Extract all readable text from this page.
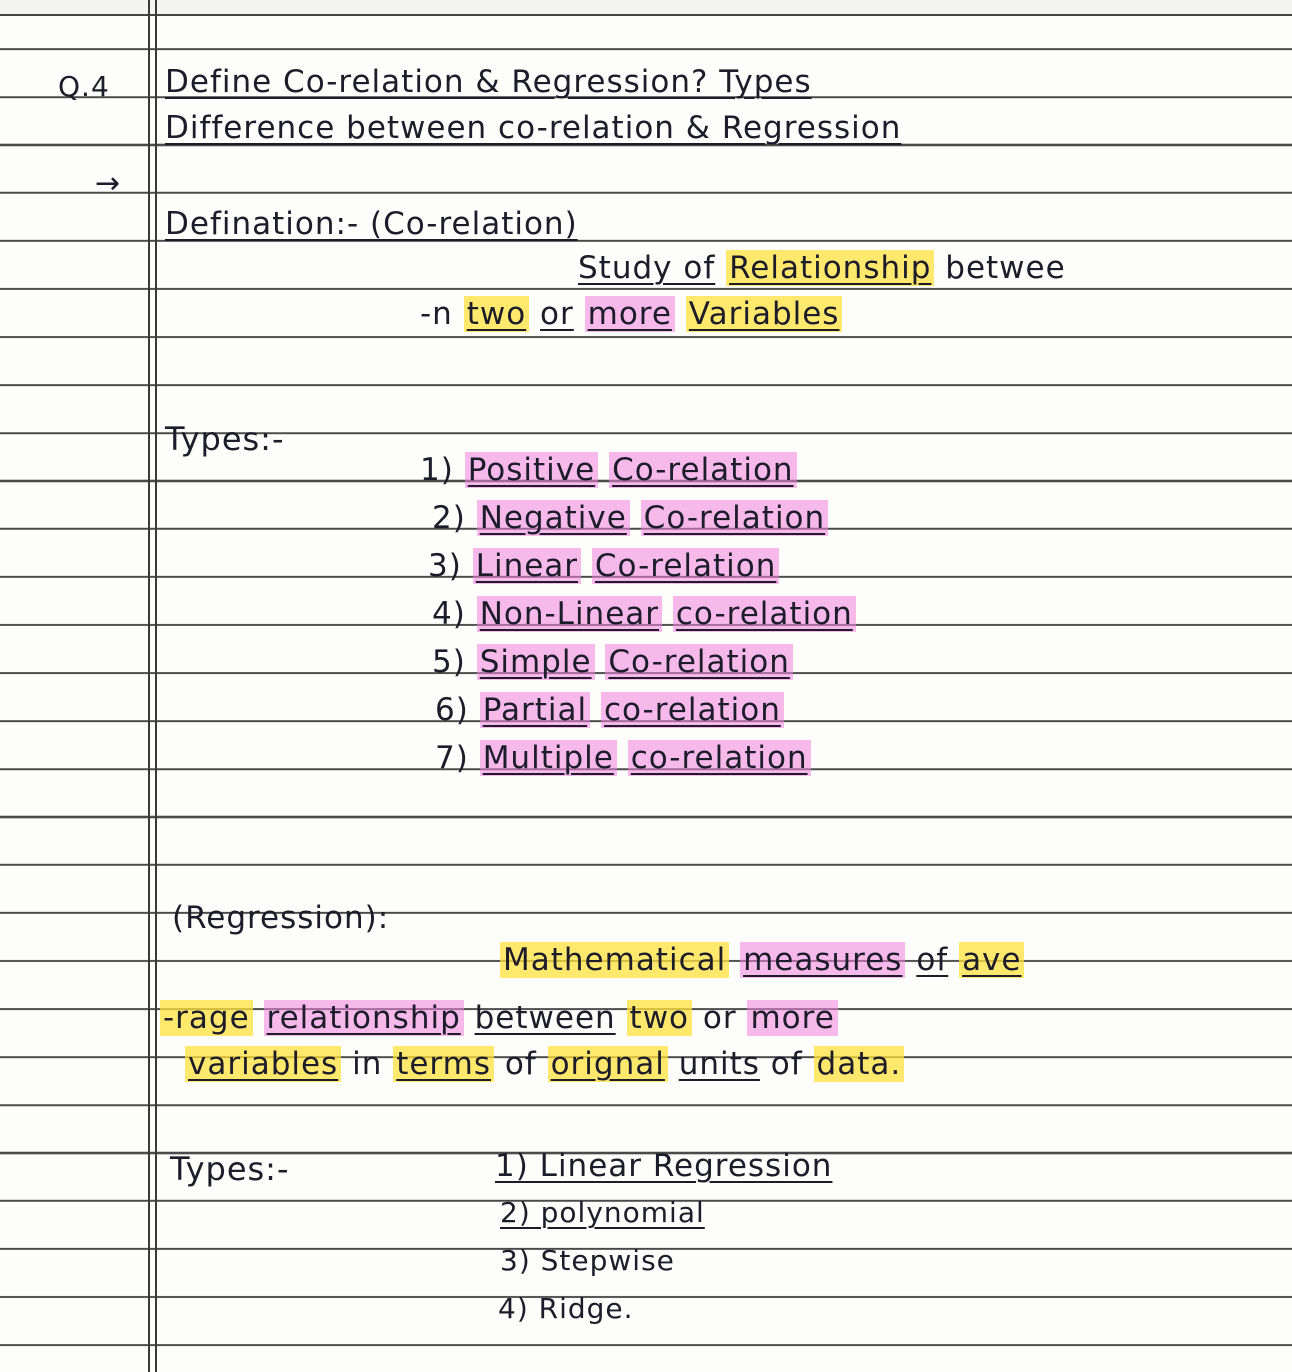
Q.4 Define Co-relation & Regression? Types
Difference between co-relation & Regression
→
Defination:- (Co-relation)
Study of Relationship betwee
-n two or more Variables
Types:-
1) Positive Co-relation
2) Negative Co-relation
3) Linear Co-relation
4) Non-Linear co-relation
5) Simple Co-relation
6) Partial co-relation
7) Multiple co-relation
(Regression):
Mathematical measures of ave
-rage relationship between two or more
variables in terms of orignal units of data.
Types:-	1) Linear Regression
2) polynomial
3) Stepwise
4) Ridge.
